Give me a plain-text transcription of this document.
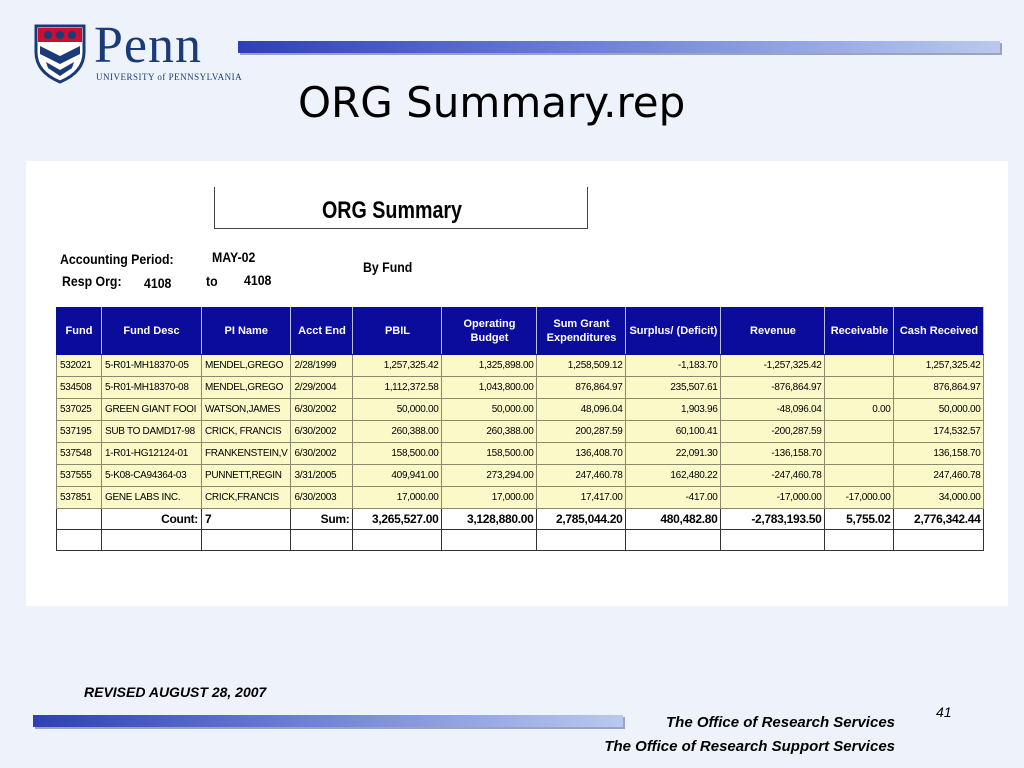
Penn
UNIVERSITY of PENNSYLVANIA
ORG Summary.rep
ORG Summary
Accounting Period:	MAY-02
Resp Org: 4108 to 4108
By Fund
Fund	Fund Desc	PI Name	Acct End	PBIL	Operating Budget	Sum Grant Expenditures	Surplus/ (Deficit)	Revenue	Receivable	Cash Received
532021	5-R01-MH18370-05	MENDEL,GREGO	2/28/1999	1,257,325.42	1,325,898.00	1,258,509.12	-1,183.70	-1,257,325.42		1,257,325.42
534508	5-R01-MH18370-08	MENDEL,GREGO	2/29/2004	1,112,372.58	1,043,800.00	876,864.97	235,507.61	-876,864.97		876,864.97
537025	GREEN GIANT FOOI	WATSON,JAMES	6/30/2002	50,000.00	50,000.00	48,096.04	1,903.96	-48,096.04	0.00	50,000.00
537195	SUB TO DAMD17-98	CRICK, FRANCIS	6/30/2002	260,388.00	260,388.00	200,287.59	60,100.41	-200,287.59		174,532.57
537548	1-R01-HG12124-01	FRANKENSTEIN,V	6/30/2002	158,500.00	158,500.00	136,408.70	22,091.30	-136,158.70		136,158.70
537555	5-K08-CA94364-03	PUNNETT,REGIN	3/31/2005	409,941.00	273,294.00	247,460.78	162,480.22	-247,460.78		247,460.78
537851	GENE LABS INC.	CRICK,FRANCIS	6/30/2003	17,000.00	17,000.00	17,417.00	-417.00	-17,000.00	-17,000.00	34,000.00
	Count:	7	Sum:	3,265,527.00	3,128,880.00	2,785,044.20	480,482.80	-2,783,193.50	5,755.02	2,776,342.44

REVISED AUGUST 28, 2007
41
The Office of Research Services
The Office of Research Support Services
